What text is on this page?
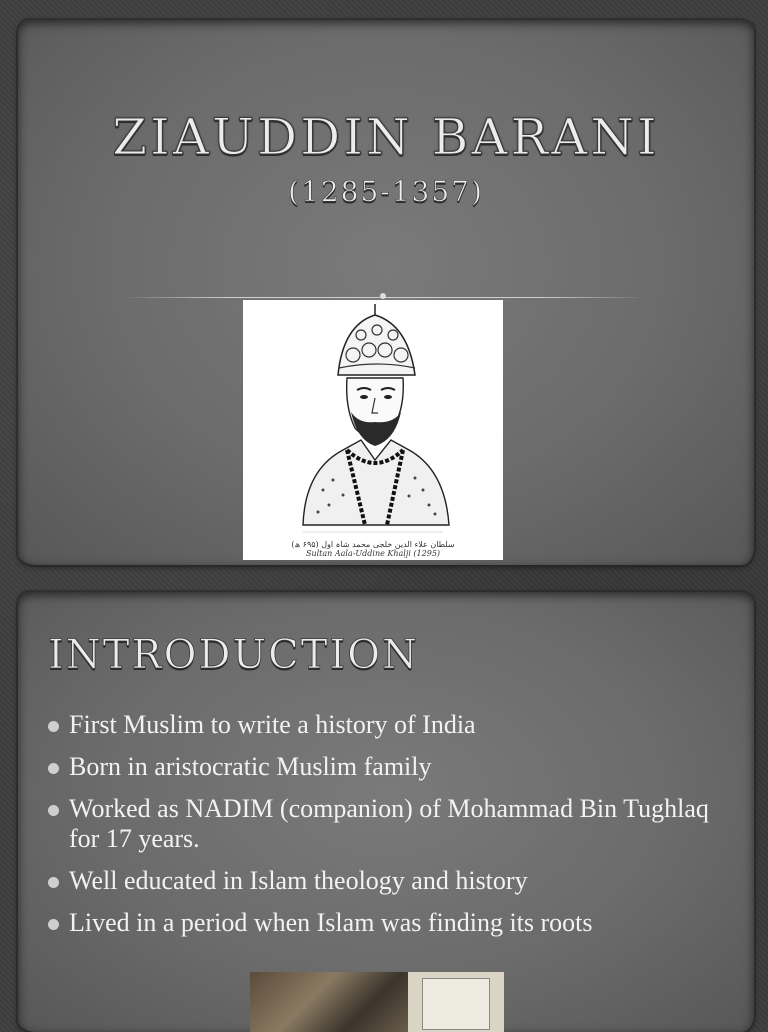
ZIAUDDIN BARANI
(1285-1357)
سلطان علاء الدین خلجی محمد شاہ اول (۶۹۵ ھ)
Sultan Aala-Uddine Khalji (1295)
INTRODUCTION
First Muslim to write a history of India
Born in aristocratic Muslim family
Worked as NADIM (companion) of Mohammad Bin Tughlaq for 17 years.
Well educated in Islam theology and history
Lived in a period when Islam was finding its roots
